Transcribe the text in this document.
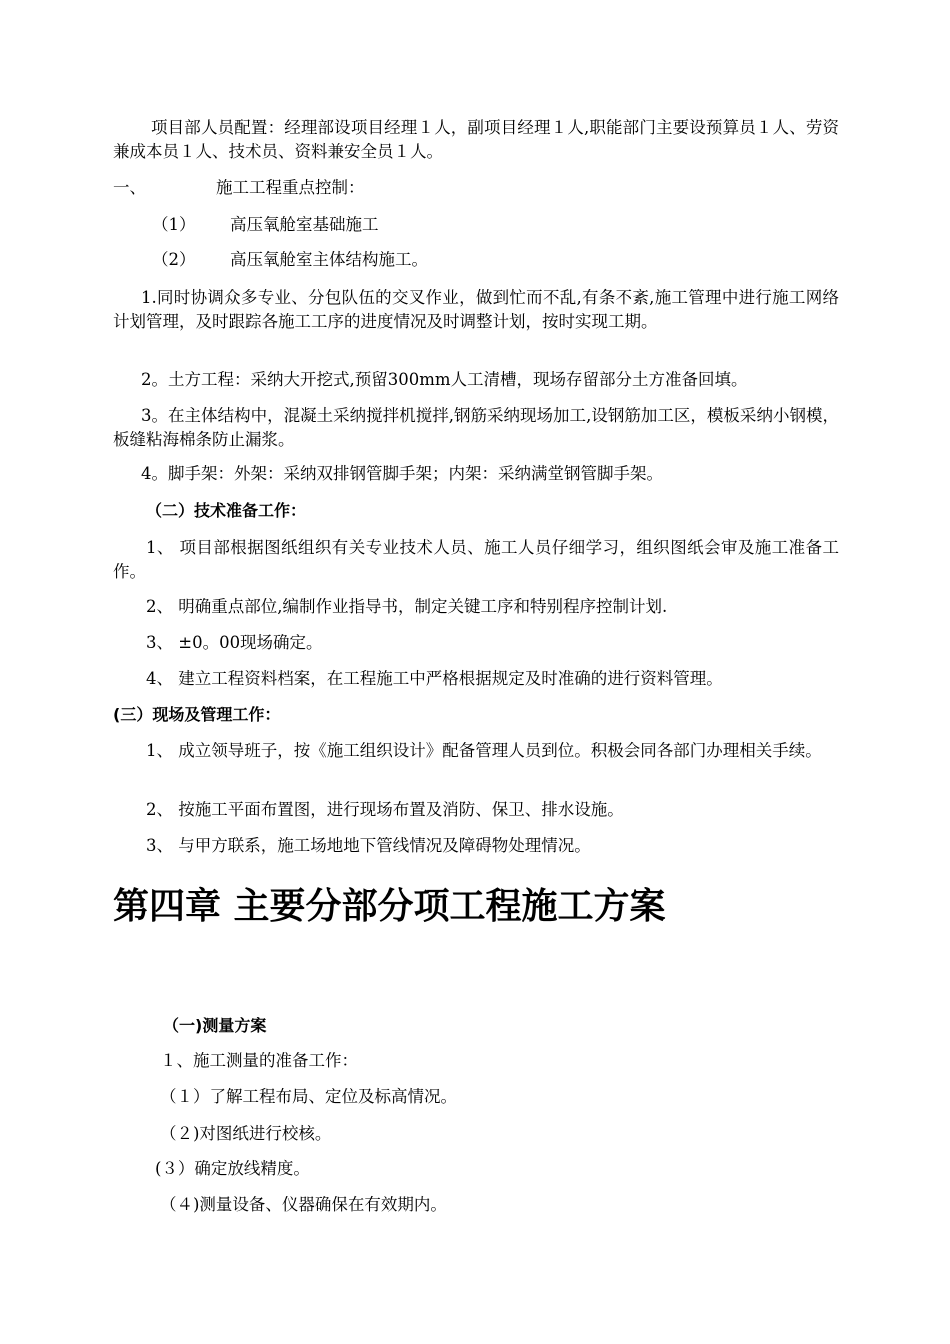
项目部人员配置：经理部设项目经理１人，副项目经理１人,职能部门主要设预算员１人、劳资兼成本员１人、技术员、资料兼安全员１人。

一、	施工工程重点控制：
（1） 高压氧舱室基础施工
（2） 高压氧舱室主体结构施工。

1.同时协调众多专业、分包队伍的交叉作业，做到忙而不乱,有条不紊,施工管理中进行施工网络计划管理，及时跟踪各施工工序的进度情况及时调整计划，按时实现工期。

2。土方工程：采纳大开挖式,预留300mm人工清槽，现场存留部分土方准备回填。

3。在主体结构中，混凝土采纳搅拌机搅拌,钢筋采纳现场加工,设钢筋加工区，模板采纳小钢模，板缝粘海棉条防止漏浆。

4。脚手架：外架：采纳双排钢管脚手架；内架：采纳满堂钢管脚手架。

（二）技术准备工作：

1、 项目部根据图纸组织有关专业技术人员、施工人员仔细学习，组织图纸会审及施工准备工作。

2、 明确重点部位,编制作业指导书，制定关键工序和特别程序控制计划.

3、 ±0。00现场确定。

4、 建立工程资料档案，在工程施工中严格根据规定及时准确的进行资料管理。

(三）现场及管理工作：

1、 成立领导班子，按《施工组织设计》配备管理人员到位。积极会同各部门办理相关手续。

2、 按施工平面布置图，进行现场布置及消防、保卫、排水设施。

3、 与甲方联系，施工场地地下管线情况及障碍物处理情况。

第四章 主要分部分项工程施工方案
（一)测量方案

１、施工测量的准备工作：

（１）了解工程布局、定位及标高情况。

（２)对图纸进行校核。

(３）确定放线精度。

（４)测量设备、仪器确保在有效期内。
